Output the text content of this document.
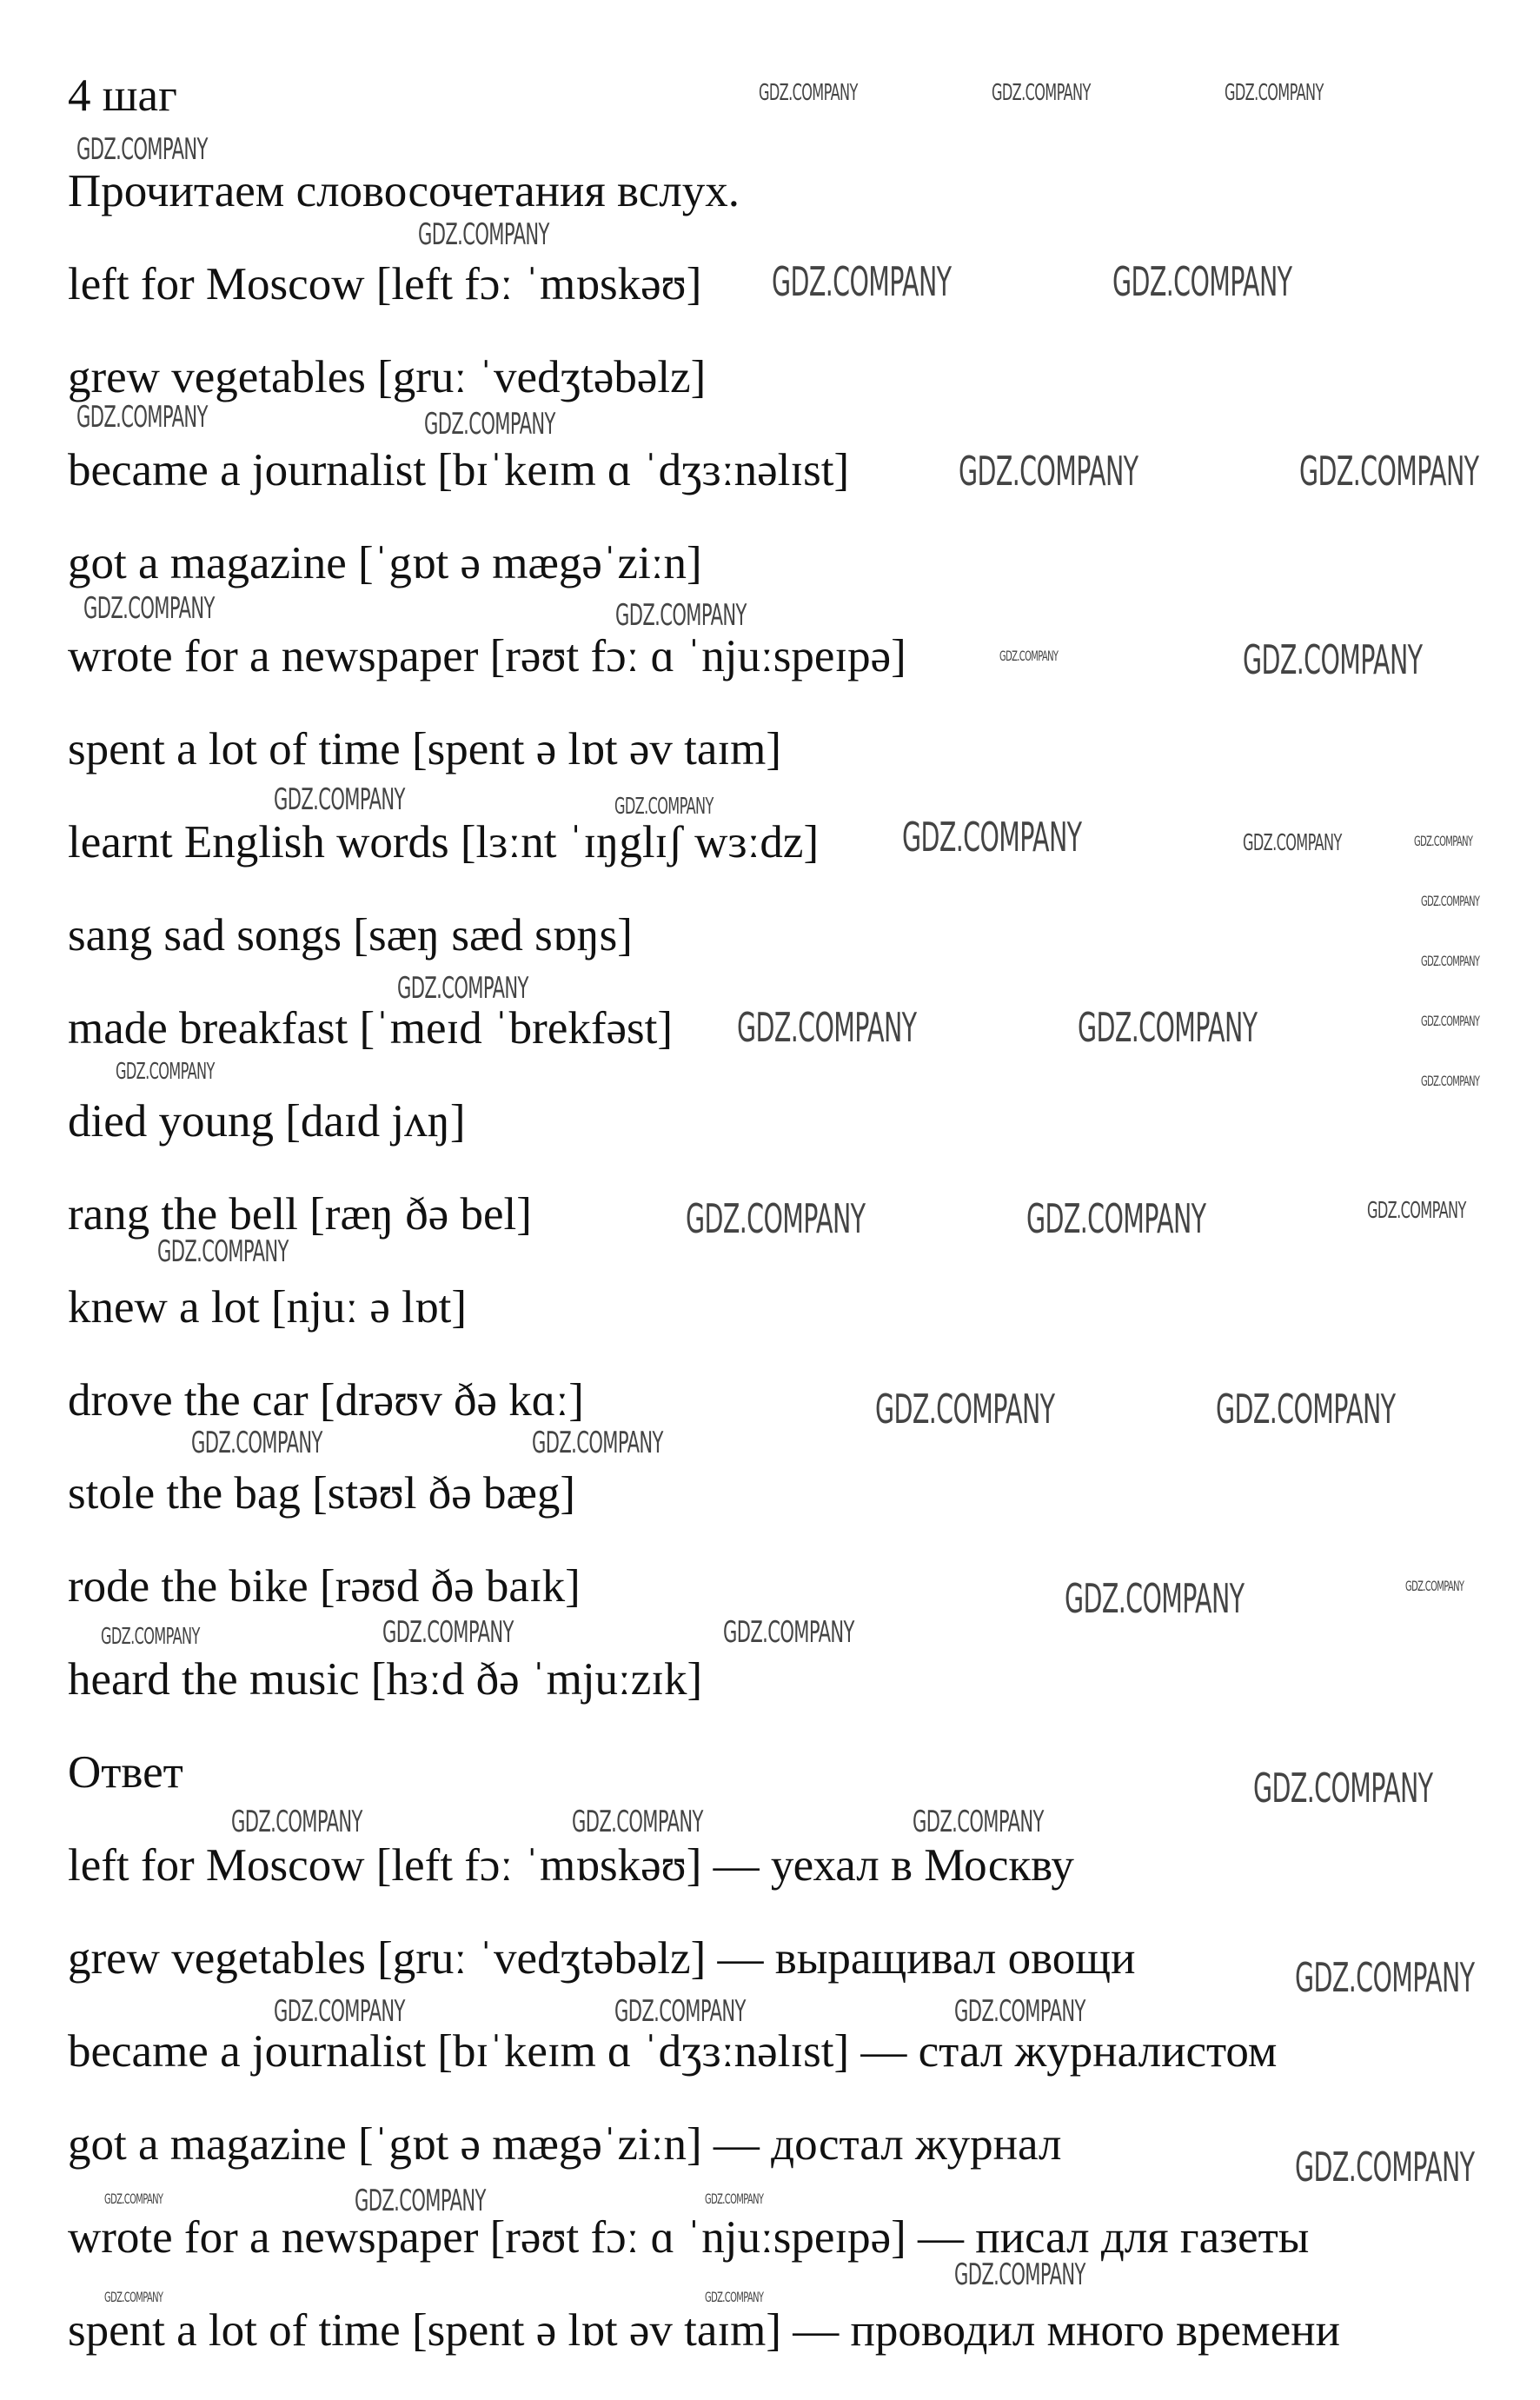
4 шаг
Прочитаем словосочетания вслух.
left for Moscow [left fɔː ˈmɒskəʊ]
grew vegetables [gruː ˈvedʒtəbəlz]
became a journalist [bɪˈkeɪm ɑ ˈdʒɜːnəlɪst]
got a magazine [ˈgɒt ə mægəˈziːn]
wrote for a newspaper [rəʊt fɔː ɑ ˈnjuːspeɪpə]
spent a lot of time [spent ə lɒt əv taɪm]
learnt English words [lɜːnt ˈɪŋglɪʃ wɜːdz]
sang sad songs [sæŋ sæd sɒŋs]
made breakfast [ˈmeɪd ˈbrekfəst]
died young [daɪd jʌŋ]
rang the bell [ræŋ ðə bel]
knew a lot [njuː ə lɒt]
drove the car [drəʊv ðə kɑː]
stole the bag [stəʊl ðə bæg]
rode the bike [rəʊd ðə baɪk]
heard the music [hɜːd ðə ˈmjuːzɪk]
Ответ
left for Moscow [left fɔː ˈmɒskəʊ] — уехал в Москву
grew vegetables [gruː ˈvedʒtəbəlz] — выращивал овощи
became a journalist [bɪˈkeɪm ɑ ˈdʒɜːnəlɪst] — стал журналистом
got a magazine [ˈgɒt ə mægəˈziːn] — достал журнал
wrote for a newspaper [rəʊt fɔː ɑ ˈnjuːspeɪpə] — писал для газеты
spent a lot of time [spent ə lɒt əv taɪm] — проводил много времени
GDZ.COMPANY	GDZ.COMPANY	GDZ.COMPANY
GDZ.COMPANY
GDZ.COMPANY
GDZ.COMPANY	GDZ.COMPANY
GDZ.COMPANY	GDZ.COMPANY
GDZ.COMPANY	GDZ.COMPANY
GDZ.COMPANY	GDZ.COMPANY
GDZ.COMPANY	GDZ.COMPANY
GDZ.COMPANY	GDZ.COMPANY
GDZ.COMPANY	GDZ.COMPANY	GDZ.COMPANY
GDZ.COMPANY
GDZ.COMPANY
GDZ.COMPANY
GDZ.COMPANY	GDZ.COMPANY	GDZ.COMPANY
GDZ.COMPANY	GDZ.COMPANY
GDZ.COMPANY	GDZ.COMPANY	GDZ.COMPANY
GDZ.COMPANY
GDZ.COMPANY	GDZ.COMPANY
GDZ.COMPANY	GDZ.COMPANY
GDZ.COMPANY	GDZ.COMPANY
GDZ.COMPANY	GDZ.COMPANY	GDZ.COMPANY
GDZ.COMPANY
GDZ.COMPANY	GDZ.COMPANY	GDZ.COMPANY
GDZ.COMPANY
GDZ.COMPANY	GDZ.COMPANY	GDZ.COMPANY
GDZ.COMPANY
GDZ.COMPANY	GDZ.COMPANY	GDZ.COMPANY
GDZ.COMPANY
GDZ.COMPANY	GDZ.COMPANY
